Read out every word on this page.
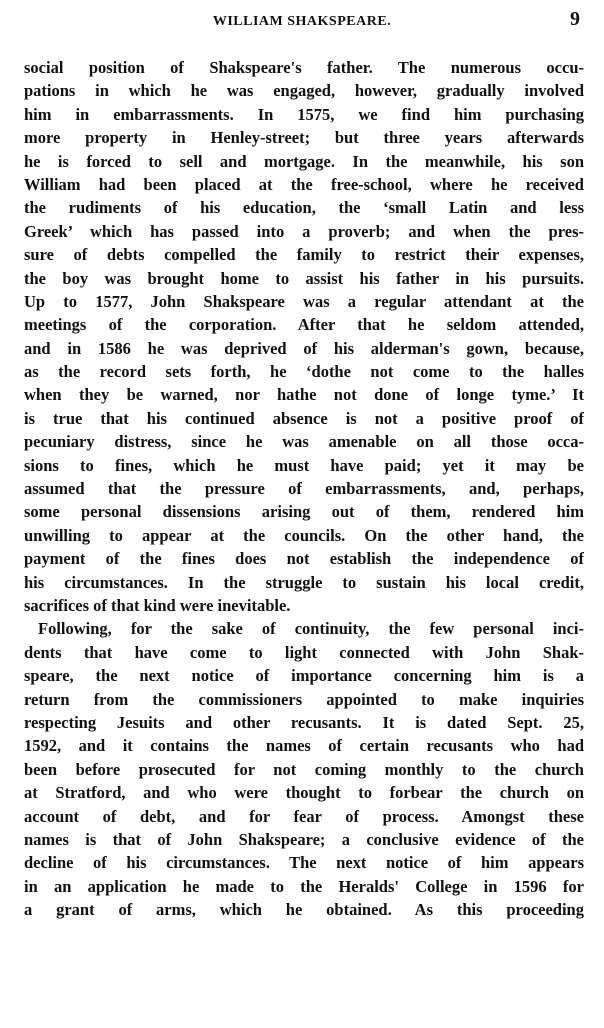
WILLIAM SHAKSPEARE.	9
social position of Shakspeare's father. The numerous occu-
pations in which he was engaged, however, gradually involved
him in embarrassments. In 1575, we find him purchasing
more property in Henley-street; but three years afterwards
he is forced to sell and mortgage. In the meanwhile, his son
William had been placed at the free-school, where he received
the rudiments of his education, the ‘small Latin and less
Greek’ which has passed into a proverb; and when the pres-
sure of debts compelled the family to restrict their expenses,
the boy was brought home to assist his father in his pursuits.
Up to 1577, John Shakspeare was a regular attendant at the
meetings of the corporation. After that he seldom attended,
and in 1586 he was deprived of his alderman's gown, because,
as the record sets forth, he ‘dothe not come to the halles
when they be warned, nor hathe not done of longe tyme.’ It
is true that his continued absence is not a positive proof of
pecuniary distress, since he was amenable on all those occa-
sions to fines, which he must have paid; yet it may be
assumed that the pressure of embarrassments, and, perhaps,
some personal dissensions arising out of them, rendered him
unwilling to appear at the councils. On the other hand, the
payment of the fines does not establish the independence of
his circumstances. In the struggle to sustain his local credit,
sacrifices of that kind were inevitable.
Following, for the sake of continuity, the few personal inci-
dents that have come to light connected with John Shak-
speare, the next notice of importance concerning him is a
return from the commissioners appointed to make inquiries
respecting Jesuits and other recusants. It is dated Sept. 25,
1592, and it contains the names of certain recusants who had
been before prosecuted for not coming monthly to the church
at Stratford, and who were thought to forbear the church on
account of debt, and for fear of process. Amongst these
names is that of John Shakspeare; a conclusive evidence of the
decline of his circumstances. The next notice of him appears
in an application he made to the Heralds' College in 1596 for
a grant of arms, which he obtained. As this proceeding
